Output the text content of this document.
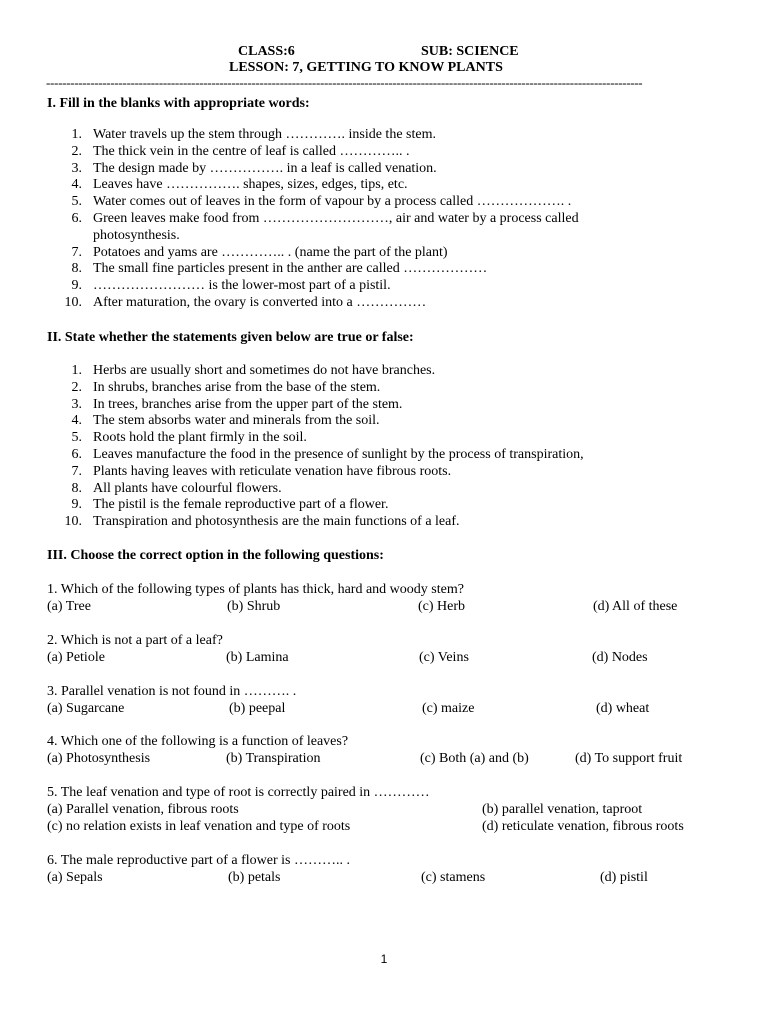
CLASS:6	SUB: SCIENCE
LESSON: 7, GETTING TO KNOW PLANTS
----------------------------------------------------------------------------------------------------------------------------------------------------
I. Fill in the blanks with appropriate words:
1. Water travels up the stem through …………. inside the stem.
2. The thick vein in the centre of leaf is called ………….. .
3. The design made by ……………. in a leaf is called venation.
4. Leaves have ……………. shapes, sizes, edges, tips, etc.
5. Water comes out of leaves in the form of vapour by a process called ………………. .
6. Green leaves make food from ………………………, air and water by a process called photosynthesis.
7. Potatoes and yams are ………….. . (name the part of the plant)
8. The small fine particles present in the anther are called ………………
9. …………………… is the lower-most part of a pistil.
10. After maturation, the ovary is converted into a ……………
II. State whether the statements given below are true or false:
1. Herbs are usually short and sometimes do not have branches.
2. In shrubs, branches arise from the base of the stem.
3. In trees, branches arise from the upper part of the stem.
4. The stem absorbs water and minerals from the soil.
5. Roots hold the plant firmly in the soil.
6. Leaves manufacture the food in the presence of sunlight by the process of transpiration,
7. Plants having leaves with reticulate venation have fibrous roots.
8. All plants have colourful flowers.
9. The pistil is the female reproductive part of a flower.
10. Transpiration and photosynthesis are the main functions of a leaf.
III. Choose the correct option in the following questions:
1. Which of the following types of plants has thick, hard and woody stem?
(a) Tree	(b) Shrub	(c) Herb	(d) All of these
2. Which is not a part of a leaf?
(a) Petiole	(b) Lamina	(c) Veins	(d) Nodes
3. Parallel venation is not found in ………. .
(a) Sugarcane	(b) peepal	(c) maize	(d) wheat
4. Which one of the following is a function of leaves?
(a) Photosynthesis	(b) Transpiration	(c) Both (a) and (b)	(d) To support fruit
5. The leaf venation and type of root is correctly paired in …………
(a) Parallel venation, fibrous roots	(b) parallel venation, taproot
(c) no relation exists in leaf venation and type of roots	(d) reticulate venation, fibrous roots
6. The male reproductive part of a flower is ……….. .
(a) Sepals	(b) petals	(c) stamens	(d) pistil
1
